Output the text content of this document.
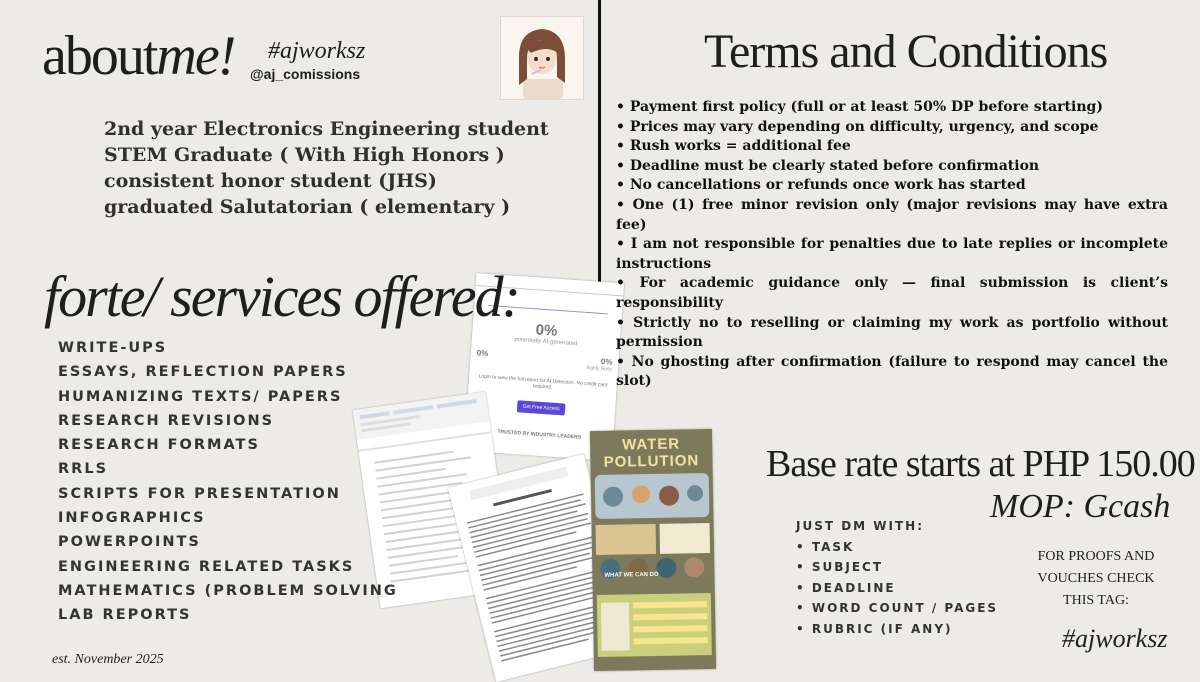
aboutme! #ajworksz
@aj_comissions
2nd year Electronics Engineering student
STEM Graduate ( With High Honors )
consistent honor student (JHS)
graduated Salutatorian ( elementary )
0%
potentially AI-generated
0%
0%
highly likely
Login to view the full report for AI Detection. No credit card required.
Get Free Access
TRUSTED BY INDUSTRY LEADERS
WATER POLLUTION
WHAT WE CAN DO
forte/ services offered:
WRITE-UPS
ESSAYS, REFLECTION PAPERS
HUMANIZING TEXTS/ PAPERS
RESEARCH REVISIONS
RESEARCH FORMATS
RRLS
SCRIPTS FOR PRESENTATION
INFOGRAPHICS
POWERPOINTS
ENGINEERING RELATED TASKS
MATHEMATICS (PROBLEM SOLVING
LAB REPORTS
est. November 2025
Terms and Conditions
• Payment first policy (full or at least 50% DP before starting)
• Prices may vary depending on difficulty, urgency, and scope
• Rush works = additional fee
• Deadline must be clearly stated before confirmation
• No cancellations or refunds once work has started
• One (1) free minor revision only (major revisions may have extra fee)
• I am not responsible for penalties due to late replies or incomplete instructions
• For academic guidance only — final submission is client’s responsibility
• Strictly no to reselling or claiming my work as portfolio without permission
• No ghosting after confirmation (failure to respond may cancel the slot)
Base rate starts at PHP 150.00
MOP: Gcash
JUST DM WITH:
• TASK
• SUBJECT
• DEADLINE
• WORD COUNT / PAGES
• RUBRIC (IF ANY)
FOR PROOFS AND
VOUCHES CHECK
THIS TAG:
#ajworksz
